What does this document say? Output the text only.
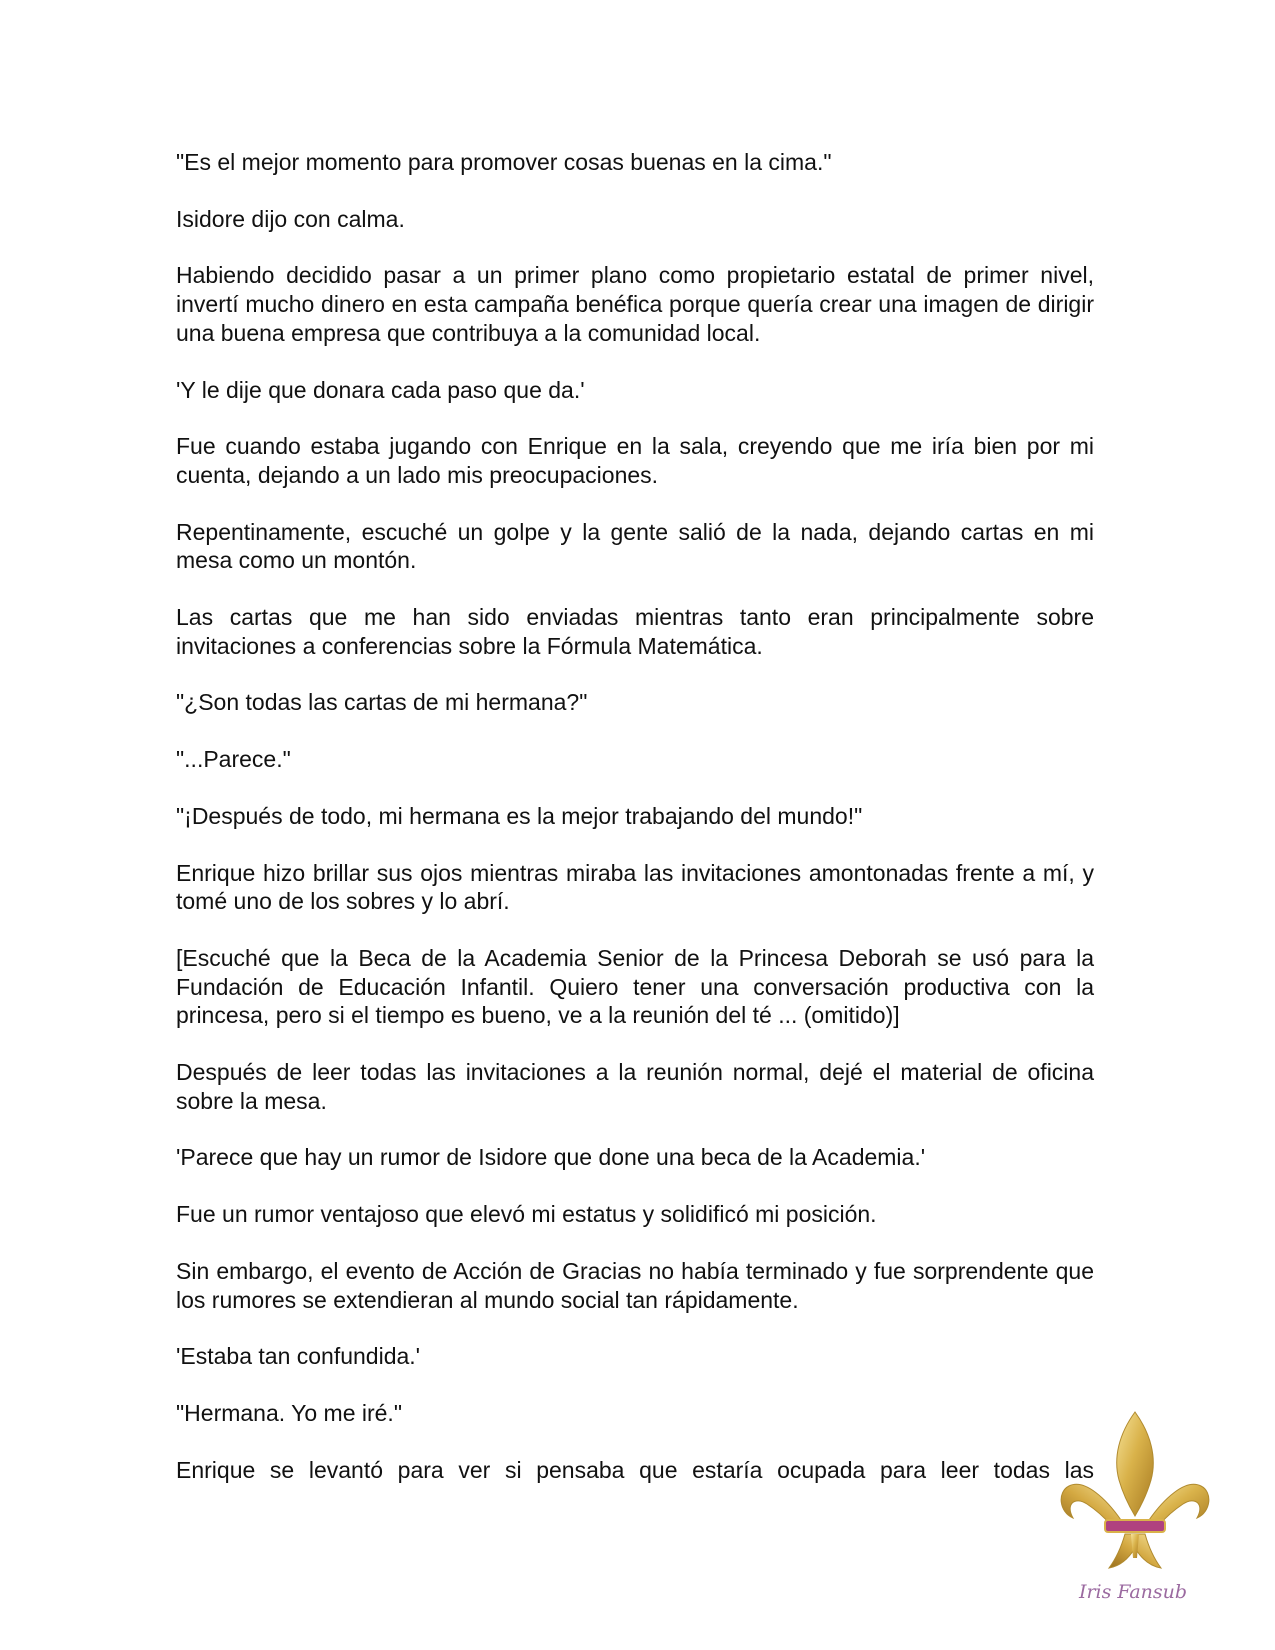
"Es el mejor momento para promover cosas buenas en la cima."

Isidore dijo con calma.

Habiendo decidido pasar a un primer plano como propietario estatal de primer nivel, invertí mucho dinero en esta campaña benéfica porque quería crear una imagen de dirigir una buena empresa que contribuya a la comunidad local.

'Y le dije que donara cada paso que da.'

Fue cuando estaba jugando con Enrique en la sala, creyendo que me iría bien por mi cuenta, dejando a un lado mis preocupaciones.

Repentinamente, escuché un golpe y la gente salió de la nada, dejando cartas en mi mesa como un montón.

Las cartas que me han sido enviadas mientras tanto eran principalmente sobre invitaciones a conferencias sobre la Fórmula Matemática.

"¿Son todas las cartas de mi hermana?"

"...Parece."

"¡Después de todo, mi hermana es la mejor trabajando del mundo!"

Enrique hizo brillar sus ojos mientras miraba las invitaciones amontonadas frente a mí, y tomé uno de los sobres y lo abrí.

[Escuché que la Beca de la Academia Senior de la Princesa Deborah se usó para la Fundación de Educación Infantil. Quiero tener una conversación productiva con la princesa, pero si el tiempo es bueno, ve a la reunión del té ... (omitido)]

Después de leer todas las invitaciones a la reunión normal, dejé el material de oficina sobre la mesa.

'Parece que hay un rumor de Isidore que done una beca de la Academia.'

Fue un rumor ventajoso que elevó mi estatus y solidificó mi posición.

Sin embargo, el evento de Acción de Gracias no había terminado y fue sorprendente que los rumores se extendieran al mundo social tan rápidamente.

'Estaba tan confundida.'

"Hermana. Yo me iré."

Enrique se levantó para ver si pensaba que estaría ocupada para leer todas las

Iris Fansub
